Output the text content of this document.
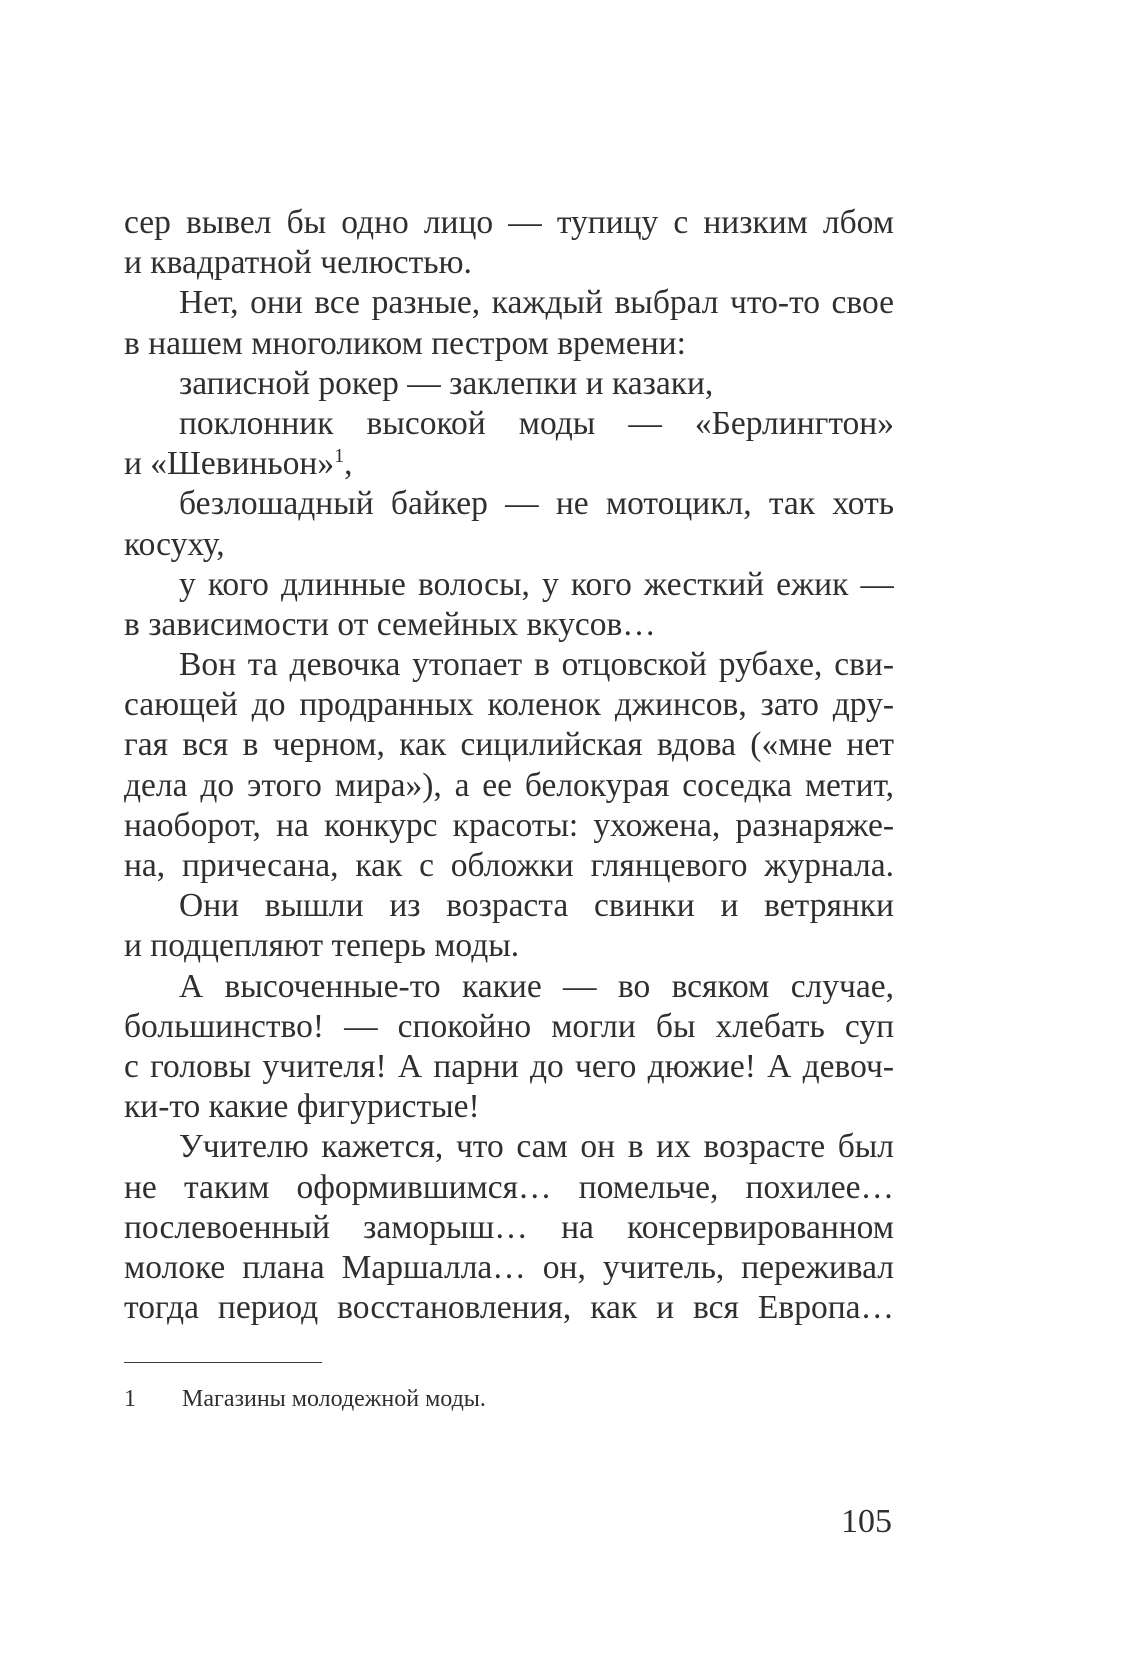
сер вывел бы одно лицо — тупицу с низким лбом
и квадратной челюстью.
Нет, они все разные, каждый выбрал что-то свое
в нашем многоликом пестром времени:
записной рокер — заклепки и казаки,
поклонник высокой моды — «Берлингтон»
и «Шевиньон»$^1$,
безлошадный байкер — не мотоцикл, так хоть
косуху,
у кого длинные волосы, у кого жесткий ежик —
в зависимости от семейных вкусов…
Вон та девочка утопает в отцовской рубахе, сви-
сающей до продранных коленок джинсов, зато дру-
гая вся в черном, как сицилийская вдова («мне нет
дела до этого мира»), а ее белокурая соседка метит,
наоборот, на конкурс красоты: ухожена, разнаряже-
на, причесана, как с обложки глянцевого журнала.
Они вышли из возраста свинки и ветрянки
и подцепляют теперь моды.
А высоченные-то какие — во всяком случае,
большинство! — спокойно могли бы хлебать суп
с головы учителя! А парни до чего дюжие! А девоч-
ки-то какие фигуристые!
Учителю кажется, что сам он в их возрасте был
не таким оформившимся… помельче, похилее…
послевоенный заморыш… на консервированном
молоке плана Маршалла… он, учитель, переживал
тогда период восстановления, как и вся Европа…
1 Магазины молодежной моды.
105
